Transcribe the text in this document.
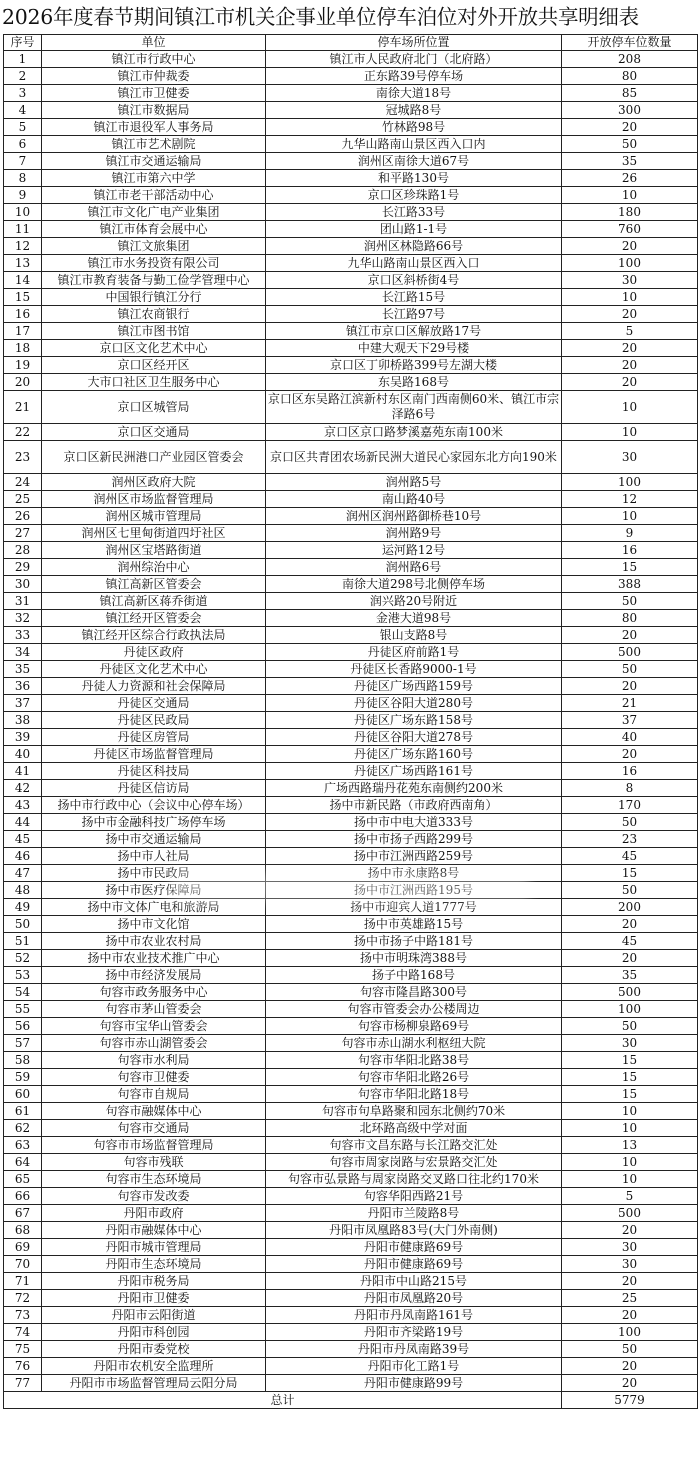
2026年度春节期间镇江市机关企事业单位停车泊位对外开放共享明细表
序号	单位	停车场所位置	开放停车位数量
1	镇江市行政中心	镇江市人民政府北门（北府路）	208
2	镇江市仲裁委	正东路39号停车场	80
3	镇江市卫健委	南徐大道18号	85
4	镇江市数据局	冠城路8号	300
5	镇江市退役军人事务局	竹林路98号	20
6	镇江市艺术剧院	九华山路南山景区西入口内	50
7	镇江市交通运输局	润州区南徐大道67号	35
8	镇江市第六中学	和平路130号	26
9	镇江市老干部活动中心	京口区珍珠路1号	10
10	镇江市文化广电产业集团	长江路33号	180
11	镇江市体育会展中心	团山路1-1号	760
12	镇江文旅集团	润州区林隐路66号	20
13	镇江市水务投资有限公司	九华山路南山景区西入口	100
14	镇江市教育装备与勤工俭学管理中心	京口区斜桥街4号	30
15	中国银行镇江分行	长江路15号	10
16	镇江农商银行	长江路97号	20
17	镇江市图书馆	镇江市京口区解放路17号	5
18	京口区文化艺术中心	中建大观天下29号楼	20
19	京口区经开区	京口区丁卯桥路399号左湖大楼	20
20	大市口社区卫生服务中心	东吴路168号	20
21	京口区城管局	京口区东吴路江滨新村东区南门西南侧60米、镇江市宗泽路6号	10
22	京口区交通局	京口区京口路梦溪嘉苑东南100米	10
23	京口区新民洲港口产业园区管委会	京口区共青团农场新民洲大道民心家园东北方向190米	30
24	润州区政府大院	润州路5号	100
25	润州区市场监督管理局	南山路40号	12
26	润州区城市管理局	润州区润州路御桥巷10号	10
27	润州区七里甸街道四圩社区	润州路9号	9
28	润州区宝塔路街道	运河路12号	16
29	润州综治中心	润州路6号	15
30	镇江高新区管委会	南徐大道298号北侧停车场	388
31	镇江高新区蒋乔街道	润兴路20号附近	50
32	镇江经开区管委会	金港大道98号	80
33	镇江经开区综合行政执法局	银山支路8号	20
34	丹徒区政府	丹徒区府前路1号	500
35	丹徒区文化艺术中心	丹徒区长香路9000-1号	50
36	丹徒人力资源和社会保障局	丹徒区广场西路159号	20
37	丹徒区交通局	丹徒区谷阳大道280号	21
38	丹徒区民政局	丹徒区广场东路158号	37
39	丹徒区房管局	丹徒区谷阳大道278号	40
40	丹徒区市场监督管理局	丹徒区广场东路160号	20
41	丹徒区科技局	丹徒区广场西路161号	16
42	丹徒区信访局	广场西路瑞丹花苑东南侧约200米	8
43	扬中市行政中心（会议中心停车场）	扬中市新民路（市政府西南角）	170
44	扬中市金融科技广场停车场	扬中市中电大道333号	50
45	扬中市交通运输局	扬中市扬子西路299号	23
46	扬中市人社局	扬中市江洲西路259号	45
47	扬中市民政局	扬中市永康路8号	15
48	扬中市医疗保障局	扬中市江洲西路195号	50
49	扬中市文体广电和旅游局	扬中市迎宾人道1777号	200
50	扬中市文化馆	扬中市英雄路15号	20
51	扬中市农业农村局	扬中市扬子中路181号	45
52	扬中市农业技术推广中心	扬中市明珠湾388号	20
53	扬中市经济发展局	扬子中路168号	35
54	句容市政务服务中心	句容市隆昌路300号	500
55	句容市茅山管委会	句容市管委会办公楼周边	100
56	句容市宝华山管委会	句容市杨柳泉路69号	50
57	句容市赤山湖管委会	句容市赤山湖水利枢纽大院	30
58	句容市水利局	句容市华阳北路38号	15
59	句容市卫健委	句容市华阳北路26号	15
60	句容市自规局	句容市华阳北路18号	15
61	句容市融媒体中心	句容市句阜路聚和园东北侧约70米	10
62	句容市交通局	北环路高级中学对面	10
63	句容市市场监督管理局	句容市文昌东路与长江路交汇处	13
64	句容市残联	句容市周家岗路与宏景路交汇处	10
65	句容市生态环境局	句容市弘景路与周家岗路交叉路口往北约170米	10
66	句容市发改委	句容华阳西路21号	5
67	丹阳市政府	丹阳市兰陵路8号	500
68	丹阳市融媒体中心	丹阳市凤凰路83号(大门外南侧)	20
69	丹阳市城市管理局	丹阳市健康路69号	30
70	丹阳市生态环境局	丹阳市健康路69号	30
71	丹阳市税务局	丹阳市中山路215号	20
72	丹阳市卫健委	丹阳市凤凰路20号	25
73	丹阳市云阳街道	丹阳市丹凤南路161号	20
74	丹阳市科创园	丹阳市齐梁路19号	100
75	丹阳市委党校	丹阳市丹凤南路39号	50
76	丹阳市农机安全监理所	丹阳市化工路1号	20
77	丹阳市市场监督管理局云阳分局	丹阳市健康路99号	20
总计			5779
